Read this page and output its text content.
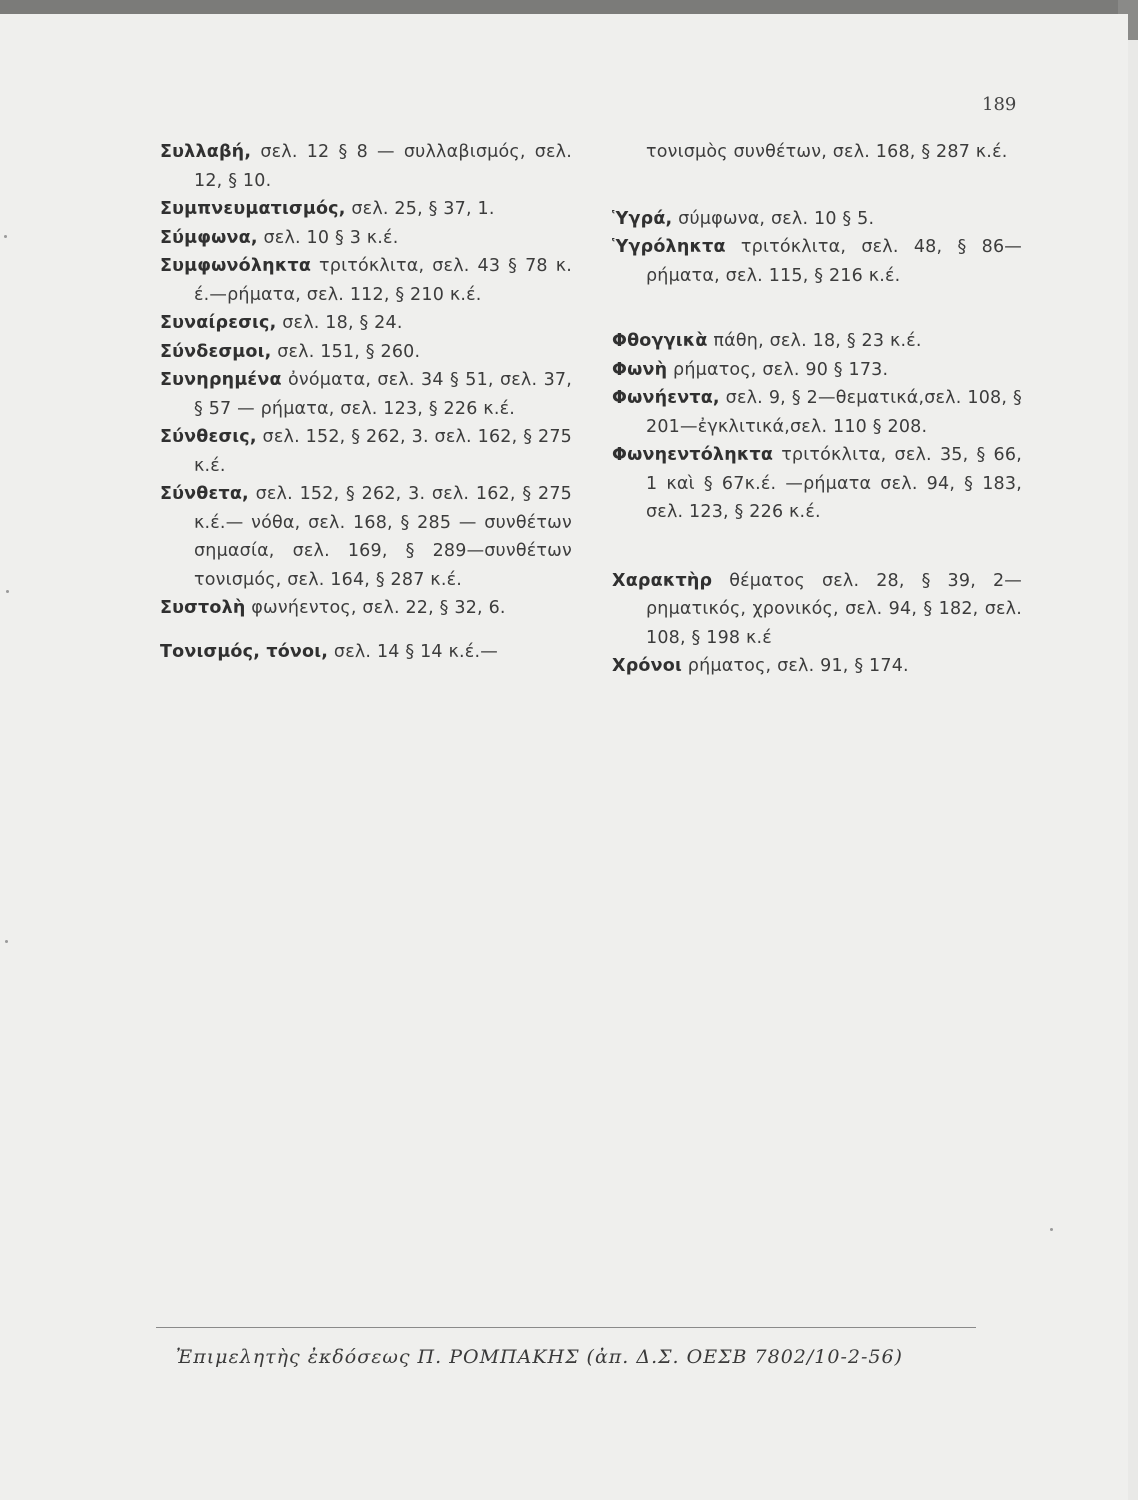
189
Συλλαβή, σελ. 12 § 8 — συλλαβισμός, σελ. 12, § 10.
Συμπνευματισμός, σελ. 25, § 37, 1.
Σύμφωνα, σελ. 10 § 3 κ.έ.
Συμφωνόληκτα τριτόκλιτα, σελ. 43 § 78 κ. έ.—ρήματα, σελ. 112, § 210 κ.έ.
Συναίρεσις, σελ. 18, § 24.
Σύνδεσμοι, σελ. 151, § 260.
Συνηρημένα ὀνόματα, σελ. 34 § 51, σελ. 37, § 57 — ρήματα, σελ. 123, § 226 κ.έ.
Σύνθεσις, σελ. 152, § 262, 3. σελ. 162, § 275 κ.έ.
Σύνθετα, σελ. 152, § 262, 3. σελ. 162, § 275 κ.έ.— νόθα, σελ. 168, § 285 — συνθέτων σημασία, σελ. 169, § 289—συνθέτων τονισμός, σελ. 164, § 287 κ.έ.
Συστολὴ φωνήεντος, σελ. 22, § 32, 6.
Τονισμός, τόνοι, σελ. 14 § 14 κ.έ.—
τονισμὸς συνθέτων, σελ. 168, § 287 κ.έ.
Ὑγρά, σύμφωνα, σελ. 10 § 5.
Ὑγρόληκτα τριτόκλιτα, σελ. 48, § 86—ρήματα, σελ. 115, § 216 κ.έ.
Φθογγικὰ πάθη, σελ. 18, § 23 κ.έ.
Φωνὴ ρήματος, σελ. 90 § 173.
Φωνήεντα, σελ. 9, § 2—θεματικά,σελ. 108, § 201—ἐγκλιτικά,σελ. 110 § 208.
Φωνηεντόληκτα τριτόκλιτα, σελ. 35, § 66, 1 καὶ § 67κ.έ. —ρήματα σελ. 94, § 183, σελ. 123, § 226 κ.έ.
Χαρακτὴρ θέματος σελ. 28, § 39, 2—ρηματικός, χρονικός, σελ. 94, § 182, σελ. 108, § 198 κ.έ
Χρόνοι ρήματος, σελ. 91, § 174.
Ἐπιμελητὴς ἐκδόσεως Π. ΡΟΜΠΑΚΗΣ (ἀπ. Δ.Σ. ΟΕΣΒ 7802/10-2-56)
